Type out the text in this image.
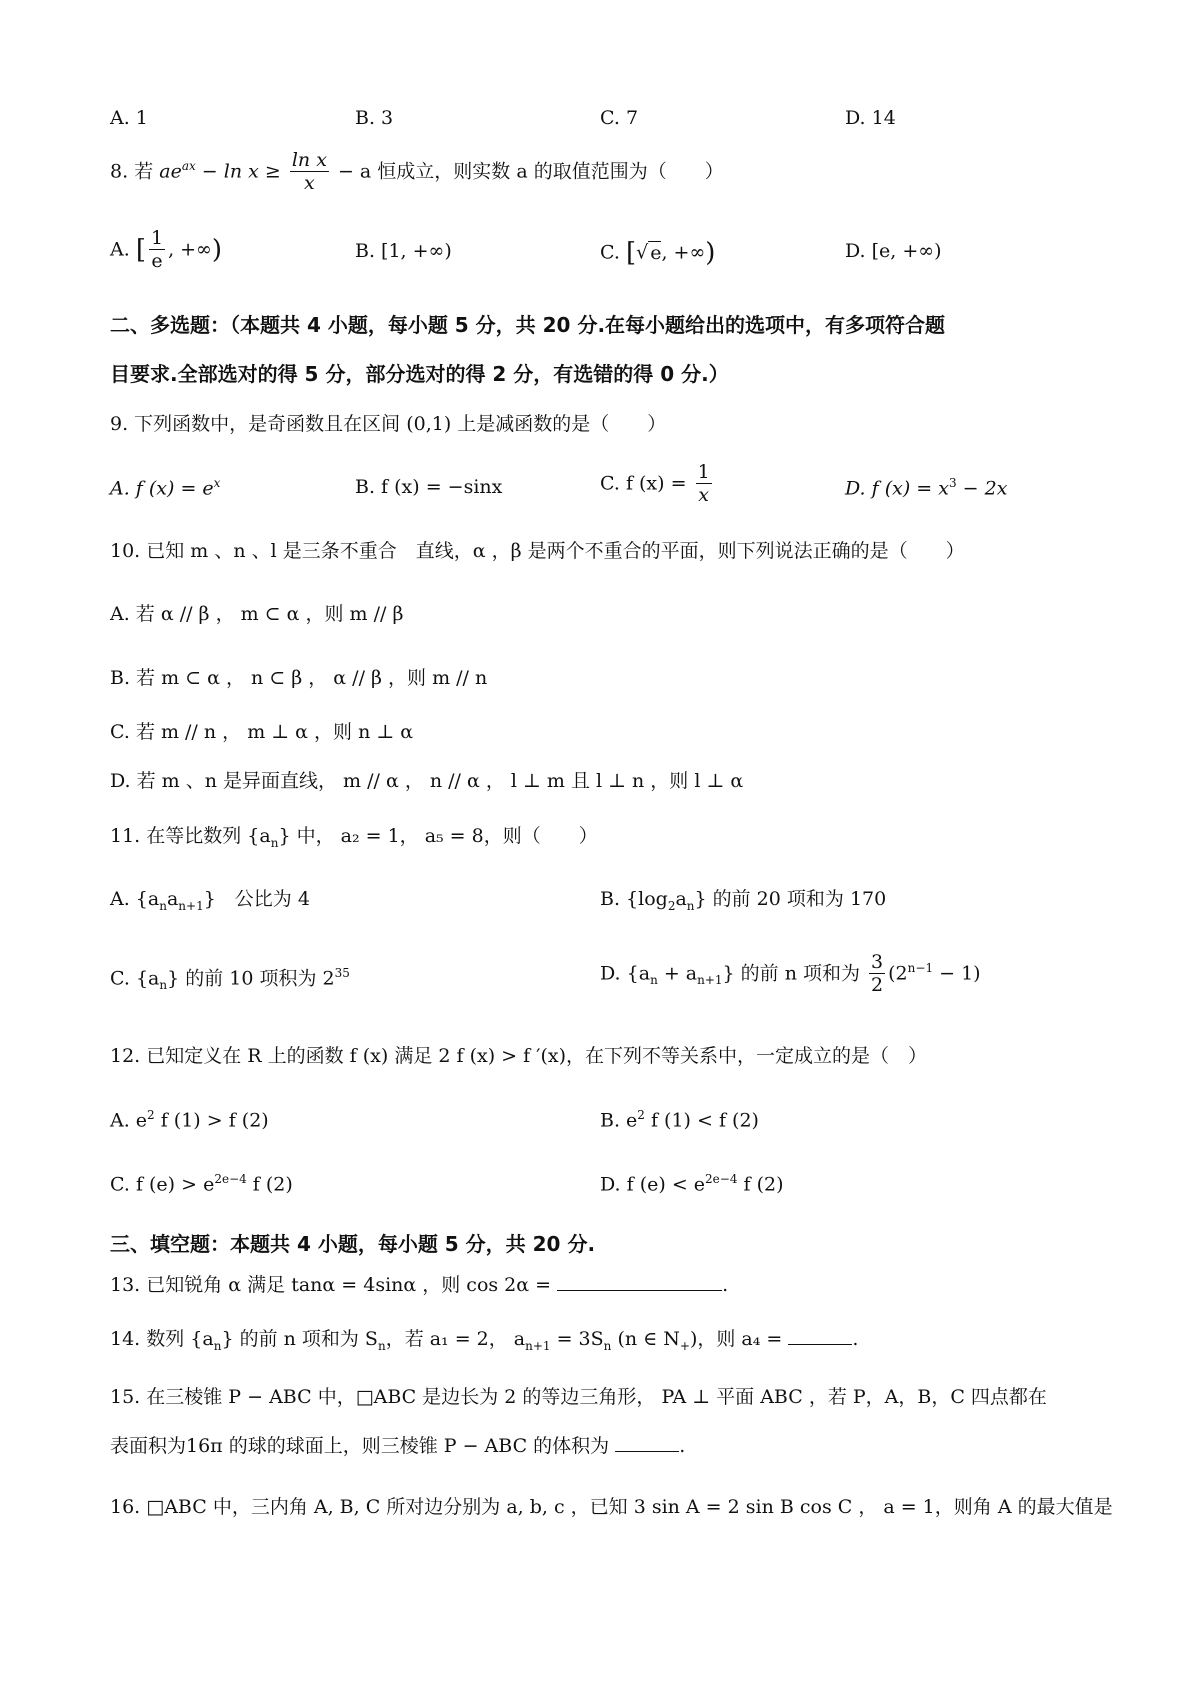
A. 1	B. 3	C. 7	D. 14
8. 若 $ae^{ax} - \ln x \ge \frac{\text{ln x}}{x} - a$ 恒成立，则实数 a 的取值范围为（　　）
A. [ $\frac{1}{e}$ , +∞)	B. [1, +∞)	C. [√ e, +∞)	D. [e, +∞)
二、多选题：（本题共 4 小题，每小题 5 分，共 20 分.在每小题给出的选项中，有多项符合题
目要求.全部选对的得 5 分，部分选对的得 2 分，有选错的得 0 分.）
9. 下列函数中，是奇函数且在区间 (0,1) 上是减函数的是（　　）
A. f $(x) = e^x$	B. f (x) = −sinx	C. f $(x) = \frac{1}{x}$	D. f $(x) = x^3 - 2x$
10. 已知 m 、n 、l 是三条不重合　直线，α ，β 是两个不重合的平面，则下列说法正确的是（　　）
A. 若 α // β ， m ⊂ α ，则 m // β
B. 若 m ⊂ α ， n ⊂ β ， α // β ，则 m // n
C. 若 m // n ， m ⊥ α ，则 n ⊥ α
D. 若 m 、n 是异面直线， m // α ， n // α ， l ⊥ m 且 l ⊥ n ，则 l ⊥ α
11. 在等比数列 $\{a_n\}$ 中， a₂ = 1， a₅ = 8，则（　　）
A. $\{a_na_{n+1}\}$　公比为 4	B. $\{\log_2a_n\}$ 的前 20 项和为 170
C. $\{a_n\}$ 的前 10 项积为 $2^{35}$	D. $\{a_n + a_{n+1}\}$ 的前 n 项和为 $\frac{3}{2} (2^{n-1} - 1)$
12. 已知定义在 R 上的函数 f (x) 满足 2 f (x) > f ′(x)，在下列不等关系中，一定成立的是（　）
A. $e^2$ f (1) > f (2)	B. $e^2$ f (1) < f (2)
C. f $(e) > e^{2e-4}$ f (2)	D. f $(e) < e^{2e-4}$ f (2)
三、填空题：本题共 4 小题，每小题 5 分，共 20 分.
13. 已知锐角 α 满足 tanα = 4sinα ，则 cos 2α =	.
14. 数列 $\{a_n\}$ 的前 n 项和为 $S_n$，若 a₁ = 2， $a_{n+1} = 3S_n$ (n ∈ $N_+$)，则 a₄ =	.
15. 在三棱锥 P − ABC 中，□ABC 是边长为 2 的等边三角形， PA ⊥ 平面 ABC ，若 P，A，B，C 四点都在
表面积为16π 的球的球面上，则三棱锥 P − ABC 的体积为	.
16. □ABC 中，三内角 A, B, C 所对边分别为 a, b, c ，已知 3 sin A = 2 sin B cos C ， a = 1，则角 A 的最大值是
